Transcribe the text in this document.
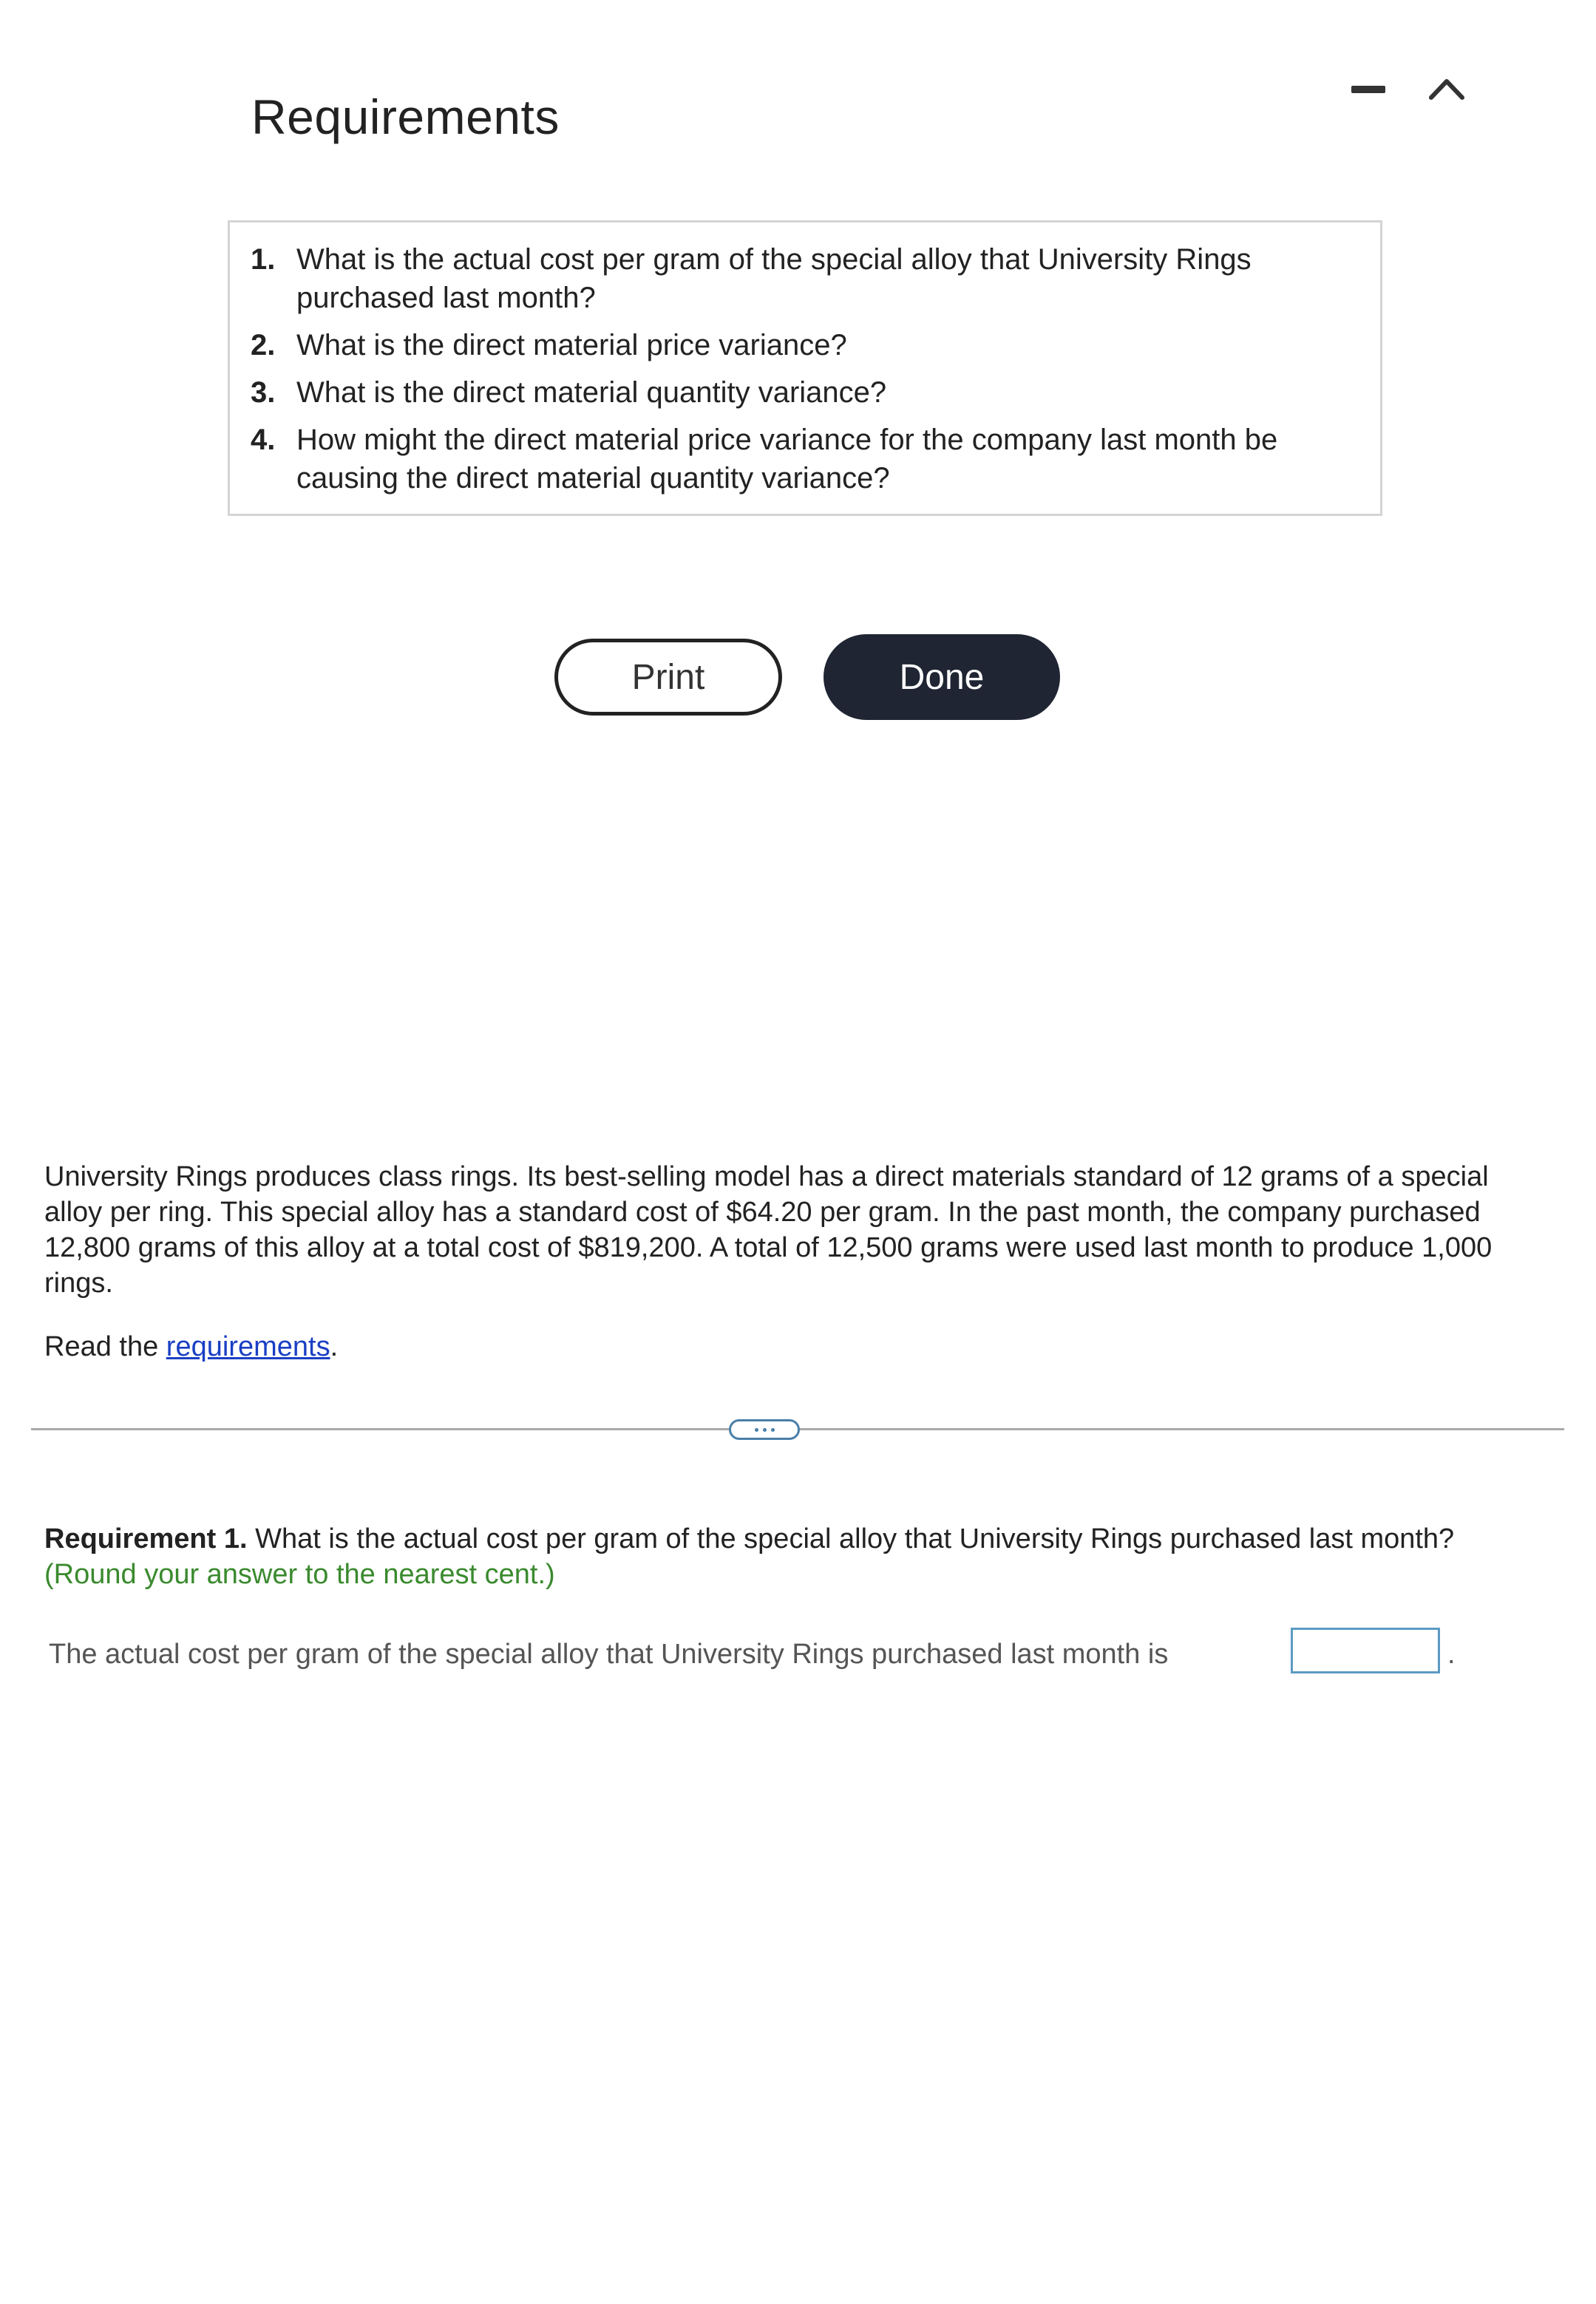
Requirements
1. What is the actual cost per gram of the special alloy that University Rings purchased last month?
2. What is the direct material price variance?
3. What is the direct material quantity variance?
4. How might the direct material price variance for the company last month be causing the direct material quantity variance?
Print	Done

University Rings produces class rings. Its best-selling model has a direct materials standard of 12 grams of a special alloy per ring. This special alloy has a standard cost of $64.20 per gram. In the past month, the company purchased 12,800 grams of this alloy at a total cost of $819,200. A total of 12,500 grams were used last month to produce 1,000 rings.

Read the requirements.

Requirement 1. What is the actual cost per gram of the special alloy that University Rings purchased last month?
(Round your answer to the nearest cent.)

The actual cost per gram of the special alloy that University Rings purchased last month is	.
